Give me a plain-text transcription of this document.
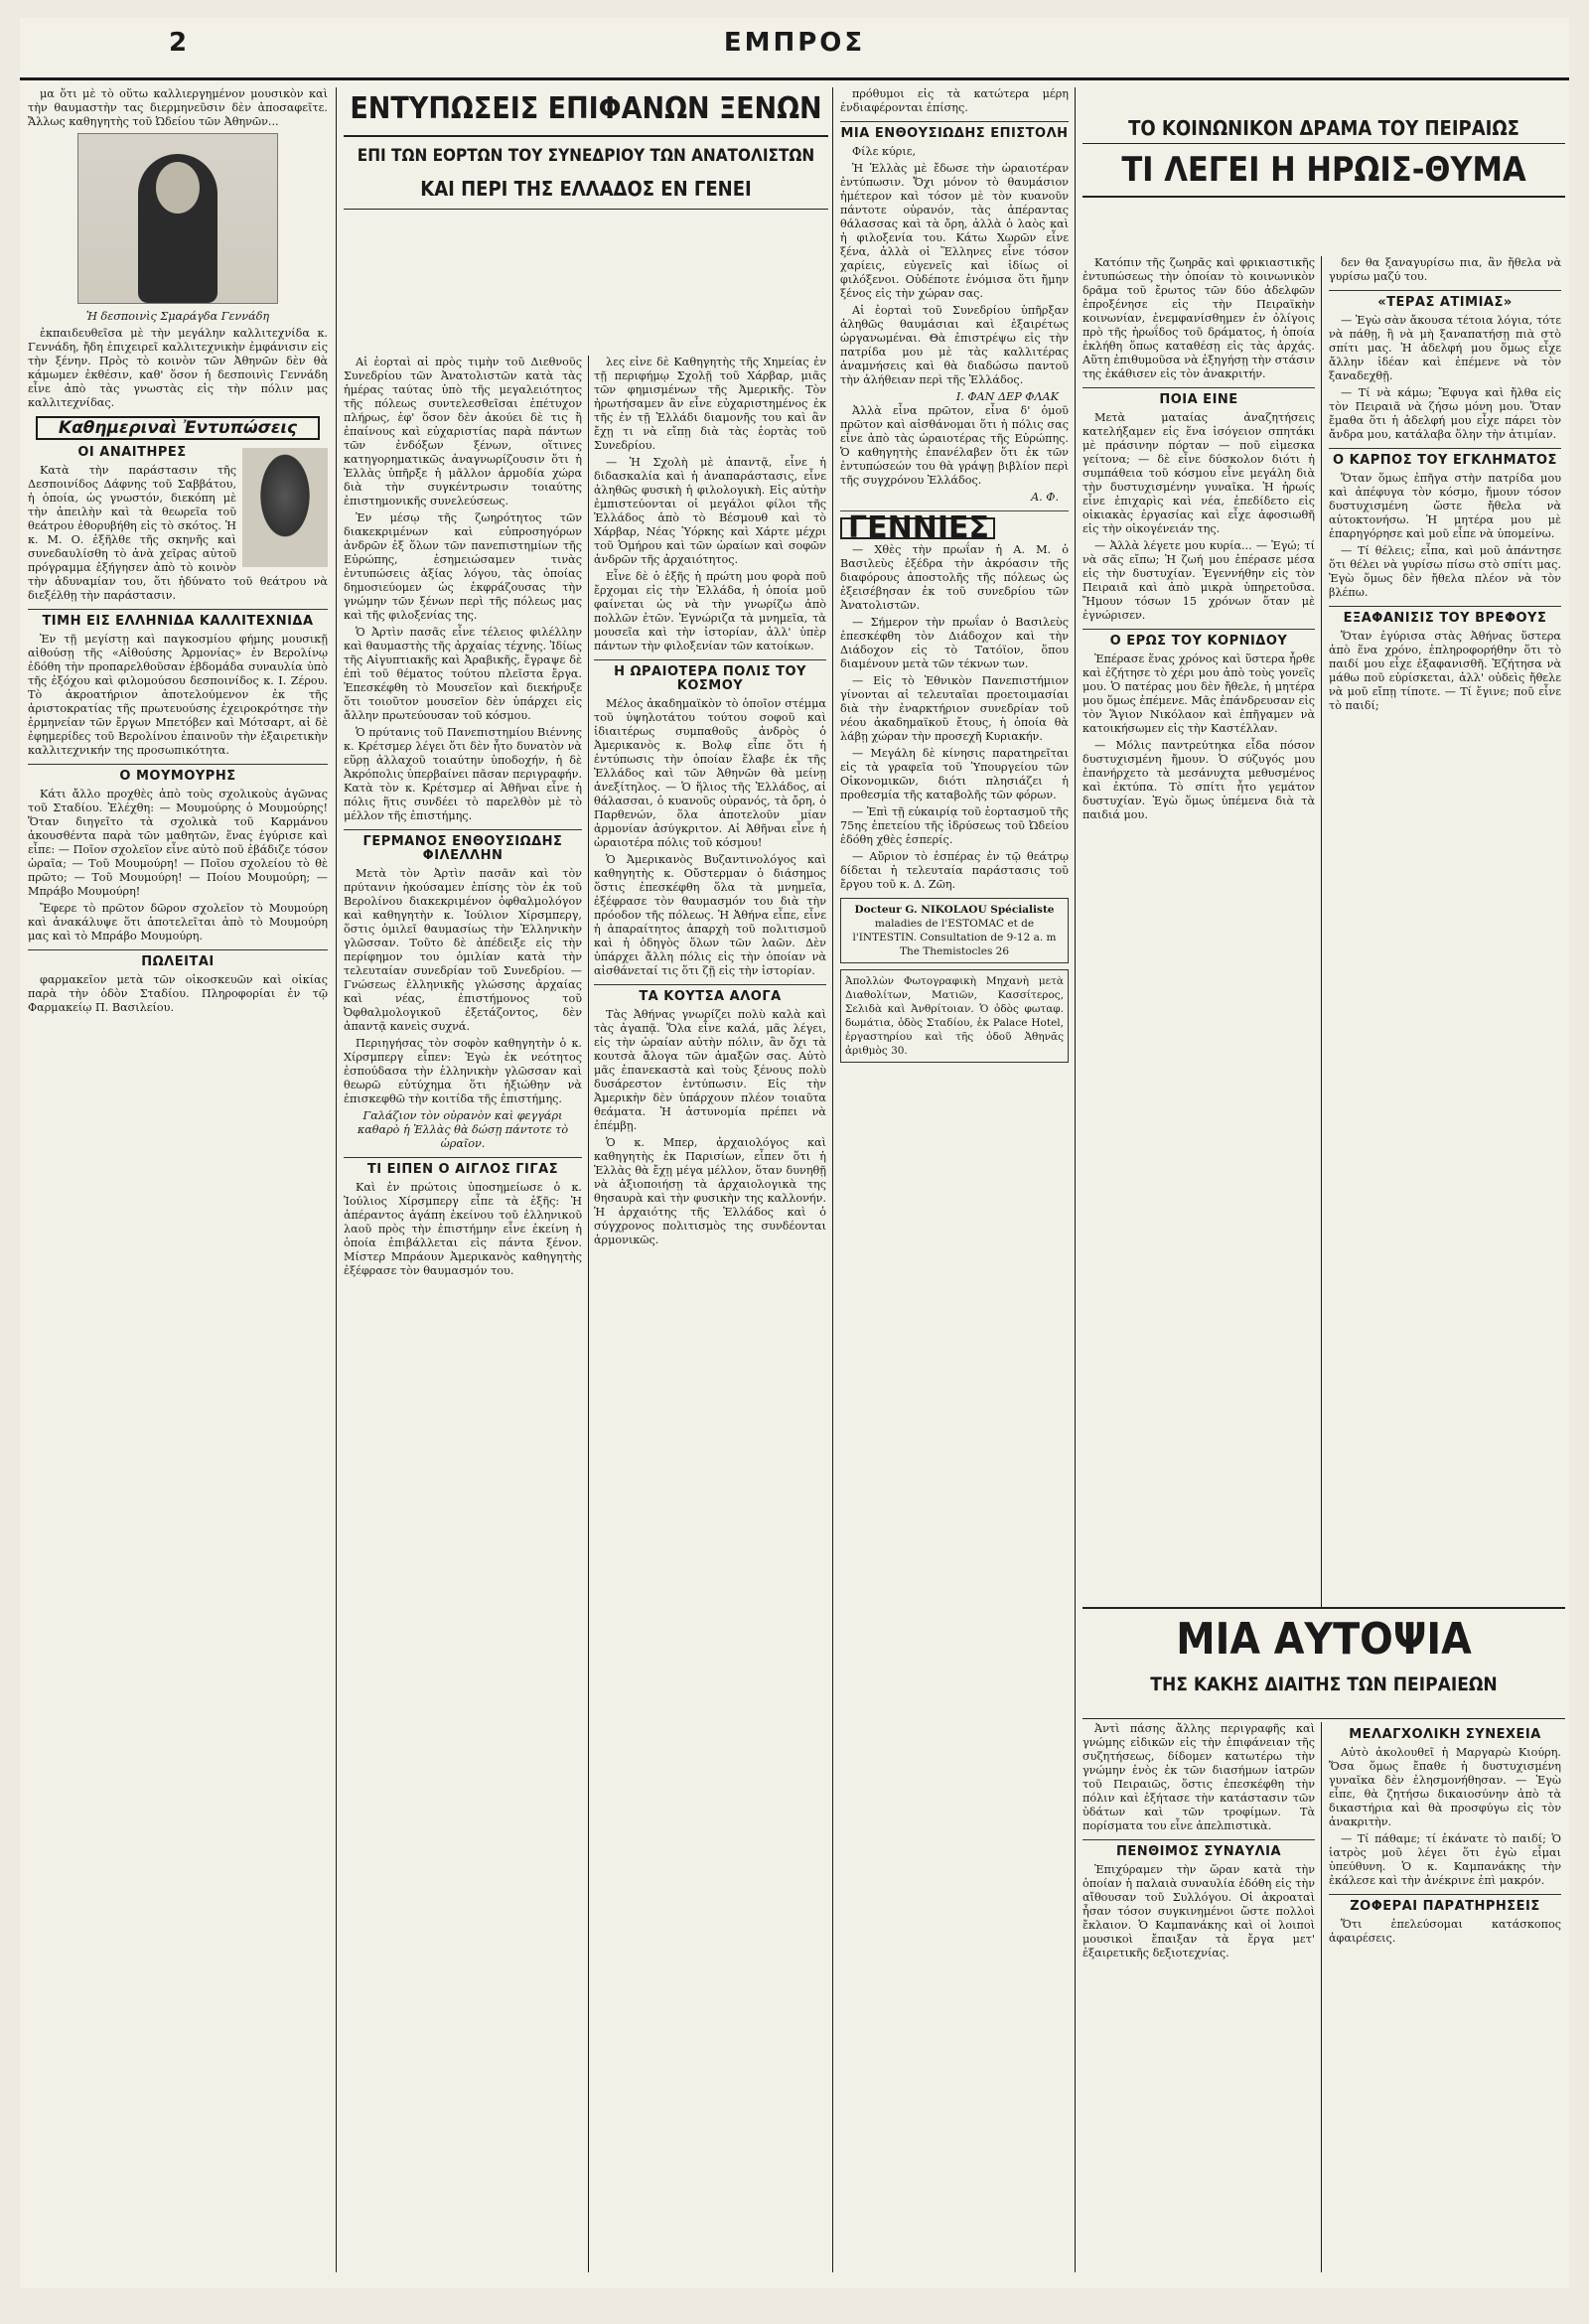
2	ΕΜΠΡΟΣ

μα ὅτι μὲ τὸ οὕτω καλλιεργημένον μουσικὸν καὶ τὴν θαυμαστὴν τας διερμηνεῦσιν δὲν ἀποσαφεῖτε. Ἄλλως καθηγητὴς τοῦ Ὠδείου τῶν Ἀθηνῶν...

Ἡ δεσποινὶς Σμαράγδα Γεννάδη

ἐκπαιδευθεῖσα μὲ τὴν μεγάλην καλλιτεχνίδα κ. Γεννάδη, ἤδη ἐπιχειρεῖ καλλιτεχνικὴν ἐμφάνισιν εἰς τὴν ξένην. Πρὸς τὸ κοινὸν τῶν Ἀθηνῶν δὲν θὰ κάμωμεν ἐκθέσιν, καθ' ὅσον ἡ δεσποινὶς Γεννάδη εἶνε ἀπὸ τὰς γνωστὰς εἰς τὴν πόλιν μας καλλιτεχνίδας.

Καθημεριναὶ Ἐντυπώσεις
ΟΙ ΑΝΑΙΤΗΡΕΣ

Κατὰ τὴν παράστασιν τῆς Δεσποινίδος Δάφνης τοῦ Σαββάτου, ἡ ὁποία, ὡς γνωστόν, διεκόπη μὲ τὴν ἀπειλὴν καὶ τὰ θεωρεῖα τοῦ θεάτρου ἐθορυβήθη εἰς τὸ σκότος. Ἡ κ. Μ. Ο. ἐξῆλθε τῆς σκηνῆς καὶ συνεδαυλίσθη τὸ ἀνὰ χεῖρας αὐτοῦ πρόγραμμα ἐξήγησεν ἀπὸ τὸ κοινὸν τὴν ἀδυναμίαν του, ὅτι ἠδύνατο τοῦ θεάτρου νὰ διεξέλθῃ τὴν παράστασιν.

ΤΙΜΗ ΕΙΣ ΕΛΛΗΝΙΔΑ ΚΑΛΛΙΤΕΧΝΙΔΑ

Ἐν τῇ μεγίστῃ καὶ παγκοσμίου φήμης μουσικῇ αἰθούσῃ τῆς «Αἰθούσης Ἀρμονίας» ἐν Βερολίνῳ ἐδόθη τὴν προπαρελθοῦσαν ἑβδομάδα συναυλία ὑπὸ τῆς ἐξόχου καὶ φιλομούσου δεσποινίδος κ. Ι. Ζέρου. Τὸ ἀκροατήριον ἀποτελούμενον ἐκ τῆς ἀριστοκρατίας τῆς πρωτευούσης ἐχειροκρότησε τὴν ἑρμηνείαν τῶν ἔργων Μπετόβεν καὶ Μότσαρτ, αἱ δὲ ἐφημερίδες τοῦ Βερολίνου ἐπαινοῦν τὴν ἐξαιρετικὴν καλλιτεχνικήν της προσωπικότητα.

Ο ΜΟΥΜΟΥΡΗΣ

Κάτι ἄλλο προχθὲς ἀπὸ τοὺς σχολικοὺς ἀγῶνας τοῦ Σταδίου. Ἐλέχθη: — Μουμούρης ὁ Μουμούρης! Ὅταν διηγεῖτο τὰ σχολικὰ τοῦ Καρμάνου ἀκουσθέντα παρὰ τῶν μαθητῶν, ἕνας ἐγύρισε καὶ εἶπε: — Ποῖον σχολεῖον εἶνε αὐτὸ ποῦ ἐβάδιζε τόσον ὡραῖα; — Τοῦ Μουμούρη! — Ποῖου σχολείου τὸ θὲ πρῶτο; — Τοῦ Μουμούρη! — Ποίου Μουμούρη; — Μπράβο Μουμούρη!

Ἔφερε τὸ πρῶτον δῶρον σχολεῖον τὸ Μουμούρη καὶ ἀνακάλυψε ὅτι ἀποτελεῖται ἀπὸ τὸ Μουμούρη μας καὶ τὸ Μπράβο Μουμούρη.

ΠΩΛΕΙΤΑΙ

φαρμακεῖον μετὰ τῶν οἰκοσκευῶν καὶ οἰκίας παρὰ τὴν ὁδὸν Σταδίου. Πληροφορίαι ἐν τῷ Φαρμακείῳ Π. Βασιλείου.

ΕΝΤΥΠΩΣΕΙΣ ΕΠΙΦΑΝΩΝ ΞΕΝΩΝ
ΕΠΙ ΤΩΝ ΕΟΡΤΩΝ ΤΟΥ ΣΥΝΕΔΡΙΟΥ ΤΩΝ ΑΝΑΤΟΛΙΣΤΩΝ
ΚΑΙ ΠΕΡΙ ΤΗΣ ΕΛΛΑΔΟΣ ΕΝ ΓΕΝΕΙ

Αἱ ἑορταὶ αἱ πρὸς τιμὴν τοῦ Διεθνοῦς Συνεδρίου τῶν Ἀνατολιστῶν κατὰ τὰς ἡμέρας ταύτας ὑπὸ τῆς μεγαλειότητος τῆς πόλεως συντελεσθεῖσαι ἐπέτυχον πλήρως, ἐφ' ὅσον δὲν ἀκούει δὲ τις ἢ ἐπαίνους καὶ εὐχαριστίας παρὰ πάντων τῶν ἐνδόξων ξένων, οἵτινες κατηγορηματικῶς ἀναγνωρίζουσιν ὅτι ἡ Ἑλλὰς ὑπῆρξε ἡ μᾶλλον ἁρμοδία χώρα διὰ τὴν συγκέντρωσιν τοιαύτης ἐπιστημονικῆς συνελεύσεως.

Ἐν μέσῳ τῆς ζωηρότητος τῶν διακεκριμένων καὶ εὐπροσηγόρων ἀνδρῶν ἐξ ὅλων τῶν πανεπιστημίων τῆς Εὐρώπης, ἐσημειώσαμεν τινὰς ἐντυπώσεις ἀξίας λόγου, τὰς ὁποίας δημοσιεύομεν ὡς ἐκφράζουσας τὴν γνώμην τῶν ξένων περὶ τῆς πόλεως μας καὶ τῆς φιλοξενίας της.

Ὁ Ἀρτὶν πασᾶς εἶνε τέλειος φιλέλλην καὶ θαυμαστὴς τῆς ἀρχαίας τέχνης. Ἰδίως τῆς Αἰγυπτιακῆς καὶ Ἀραβικῆς, ἔγραψε δὲ ἐπὶ τοῦ θέματος τούτου πλεῖστα ἔργα. Ἐπεσκέφθη τὸ Μουσεῖον καὶ διεκήρυξε ὅτι τοιοῦτον μουσεῖον δὲν ὑπάρχει εἰς ἄλλην πρωτεύουσαν τοῦ κόσμου.

Ὁ πρύτανις τοῦ Πανεπιστημίου Βιέννης κ. Κρέτσμερ λέγει ὅτι δὲν ἦτο δυνατὸν νὰ εὕρῃ ἀλλαχοῦ τοιαύτην ὑποδοχήν, ἡ δὲ Ἀκρόπολις ὑπερβαίνει πᾶσαν περιγραφήν. Κατὰ τὸν κ. Κρέτσμερ αἱ Ἀθῆναι εἶνε ἡ πόλις ἥτις συνδέει τὸ παρελθὸν μὲ τὸ μέλλον τῆς ἐπιστήμης.

ΓΕΡΜΑΝΟΣ ΕΝΘΟΥΣΙΩΔΗΣ ΦΙΛΕΛΛΗΝ

Μετὰ τὸν Ἀρτὶν πασᾶν καὶ τὸν πρύτανιν ἠκούσαμεν ἐπίσης τὸν ἐκ τοῦ Βερολίνου διακεκριμένον ὀφθαλμολόγον καὶ καθηγητὴν κ. Ἰούλιον Χίρσμπεργ, ὅστις ὁμιλεῖ θαυμασίως τὴν Ἑλληνικὴν γλῶσσαν. Τοῦτο δὲ ἀπέδειξε εἰς τὴν περίφημον του ὁμιλίαν κατὰ τὴν τελευταίαν συνεδρίαν τοῦ Συνεδρίου. — Γνώσεως ἑλληνικῆς γλώσσης ἀρχαίας καὶ νέας, ἐπιστήμονος τοῦ Ὀφθαλμολογικοῦ ἐξετάζοντος, δὲν ἀπαντᾷ κανεὶς συχνά.

Περιηγήσας τὸν σοφὸν καθηγητὴν ὁ κ. Χίρσμπεργ εἶπεν: Ἐγὼ ἐκ νεότητος ἐσπούδασα τὴν ἑλληνικὴν γλῶσσαν καὶ θεωρῶ εὐτύχημα ὅτι ἠξιώθην νὰ ἐπισκεφθῶ τὴν κοιτίδα τῆς ἐπιστήμης.

Γαλάζιον τὸν οὐρανὸν καὶ φεγγάρι καθαρὸ ἡ Ἑλλὰς θὰ δώσῃ πάντοτε τὸ ὡραῖον.

ΤΙ ΕΙΠΕΝ Ο ΑΙΓΛΟΣ ΓΙΓΑΣ

Καὶ ἐν πρώτοις ὑποσημείωσε ὁ κ. Ἰούλιος Χίρσμπεργ εἶπε τὰ ἑξῆς: Ἡ ἀπέραντος ἀγάπη ἐκείνου τοῦ ἑλληνικοῦ λαοῦ πρὸς τὴν ἐπιστήμην εἶνε ἐκείνη ἡ ὁποία ἐπιβάλλεται εἰς πάντα ξένον. Μίστερ Μπράουν Ἀμερικανὸς καθηγητὴς ἐξέφρασε τὸν θαυμασμόν του.

λες εἶνε δὲ Καθηγητὴς τῆς Χημείας ἐν τῇ περιφήμῳ Σχολῇ τοῦ Χάρβαρ, μιᾶς τῶν φημισμένων τῆς Ἀμερικῆς. Τὸν ἠρωτήσαμεν ἂν εἶνε εὐχαριστημένος ἐκ τῆς ἐν τῇ Ἑλλάδι διαμονῆς του καὶ ἂν ἔχῃ τι νὰ εἴπῃ διὰ τὰς ἑορτὰς τοῦ Συνεδρίου.

— Ἡ Σχολὴ μὲ ἀπαντᾷ, εἶνε ἡ διδασκαλία καὶ ἡ ἀναπαράστασις, εἶνε ἀληθῶς φυσικὴ ἡ φιλολογικὴ. Εἰς αὐτὴν ἐμπιστεύονται οἱ μεγάλοι φίλοι τῆς Ἑλλάδος ἀπὸ τὸ Βέσμουθ καὶ τὸ Χάρβαρ, Νέας Ὑόρκης καὶ Χάρτε μέχρι τοῦ Ὁμήρου καὶ τῶν ὡραίων καὶ σοφῶν ἀνδρῶν τῆς ἀρχαιότητος.

Εἶνε δὲ ὁ ἐξῆς ἡ πρώτη μου φορὰ ποῦ ἔρχομαι εἰς τὴν Ἑλλάδα, ἡ ὁποία μοῦ φαίνεται ὡς νὰ τὴν γνωρίζω ἀπὸ πολλῶν ἐτῶν. Ἐγνώριζα τὰ μνημεῖα, τὰ μουσεῖα καὶ τὴν ἱστορίαν, ἀλλ' ὑπὲρ πάντων τὴν φιλοξενίαν τῶν κατοίκων.

Η ΩΡΑΙΟΤΕΡΑ ΠΟΛΙΣ ΤΟΥ ΚΟΣΜΟΥ

Μέλος ἀκαδημαϊκὸν τὸ ὁποῖον στέμμα τοῦ ὑψηλοτάτου τούτου σοφοῦ καὶ ἰδιαιτέρως συμπαθοῦς ἀνδρὸς ὁ Ἀμερικανὸς κ. Βολφ εἶπε ὅτι ἡ ἐντύπωσις τὴν ὁποίαν ἔλαβε ἐκ τῆς Ἑλλάδος καὶ τῶν Ἀθηνῶν θὰ μείνῃ ἀνεξίτηλος. — Ὁ ἥλιος τῆς Ἑλλάδος, αἱ θάλασσαι, ὁ κυανοῦς οὐρανός, τὰ ὄρη, ὁ Παρθενών, ὅλα ἀποτελοῦν μίαν ἁρμονίαν ἀσύγκριτον. Αἱ Ἀθῆναι εἶνε ἡ ὡραιοτέρα πόλις τοῦ κόσμου!

Ὁ Ἀμερικανὸς Βυζαντινολόγος καὶ καθηγητὴς κ. Οὔστερμαν ὁ διάσημος ὅστις ἐπεσκέφθη ὅλα τὰ μνημεῖα, ἐξέφρασε τὸν θαυμασμόν του διὰ τὴν πρόοδον τῆς πόλεως. Ἡ Ἀθήνα εἶπε, εἶνε ἡ ἀπαραίτητος ἀπαρχὴ τοῦ πολιτισμοῦ καὶ ἡ ὁδηγὸς ὅλων τῶν λαῶν. Δὲν ὑπάρχει ἄλλη πόλις εἰς τὴν ὁποίαν νὰ αἰσθάνεταί τις ὅτι ζῇ εἰς τὴν ἱστορίαν.

ΤΑ ΚΟΥΤΣΑ ΑΛΟΓΑ

Τὰς Ἀθήνας γνωρίζει πολὺ καλὰ καὶ τὰς ἀγαπᾷ. Ὅλα εἶνε καλά, μᾶς λέγει, εἰς τὴν ὡραίαν αὐτὴν πόλιν, ἂν ὄχι τὰ κουτσὰ ἄλογα τῶν ἁμαξῶν σας. Αὐτὸ μᾶς ἐπανεκαστὰ καὶ τοὺς ξένους πολὺ δυσάρεστον ἐντύπωσιν. Εἰς τὴν Ἀμερικὴν δὲν ὑπάρχουν πλέον τοιαῦτα θεάματα. Ἡ ἀστυνομία πρέπει νὰ ἐπέμβῃ.

Ὁ κ. Μπερ, ἀρχαιολόγος καὶ καθηγητὴς ἐκ Παρισίων, εἶπεν ὅτι ἡ Ἑλλὰς θὰ ἔχῃ μέγα μέλλον, ὅταν δυνηθῇ νὰ ἀξιοποιήσῃ τὰ ἀρχαιολογικὰ της θησαυρὰ καὶ τὴν φυσικὴν της καλλονήν. Ἡ ἀρχαιότης τῆς Ἑλλάδος καὶ ὁ σύγχρονος πολιτισμὸς της συνδέονται ἀρμονικῶς.

πρόθυμοι εἰς τὰ κατώτερα μέρη ἐνδιαφέρονται ἐπίσης.

ΜΙΑ ΕΝΘΟΥΣΙΩΔΗΣ ΕΠΙΣΤΟΛΗ

Φίλε κύριε,

Ἡ Ἑλλὰς μὲ ἔδωσε τὴν ὡραιοτέραν ἐντύπωσιν. Ὄχι μόνον τὸ θαυμάσιον ἡμέτερον καὶ τόσον μὲ τὸν κυανοῦν πάντοτε οὐρανόν, τὰς ἀπέραντας θάλασσας καὶ τὰ ὄρη, ἀλλὰ ὁ λαὸς καὶ ἡ φιλοξενία του. Κάτω Χωρῶν εἶνε ξένα, ἀλλὰ οἱ Ἕλληνες εἶνε τόσον χαρίεις, εὐγενεῖς καὶ ἰδίως οἱ φιλόξενοι. Οὐδέποτε ἐνόμισα ὅτι ἤμην ξένος εἰς τὴν χώραν σας.

Αἱ ἑορταὶ τοῦ Συνεδρίου ὑπῆρξαν ἀληθῶς θαυμάσιαι καὶ ἐξαιρέτως ὠργανωμέναι. Θὰ ἐπιστρέψω εἰς τὴν πατρίδα μου μὲ τὰς καλλιτέρας ἀναμνήσεις καὶ θὰ διαδώσω παντοῦ τὴν ἀλήθειαν περὶ τῆς Ἑλλάδος.

Ι. ΦΑΝ ΔΕΡ ΦΛΑΚ

Ἀλλὰ εἶνα πρῶτον, εἶνα δ' ὁμοῦ πρῶτον καὶ αἰσθάνομαι ὅτι ἡ πόλις σας εἶνε ἀπὸ τὰς ὡραιοτέρας τῆς Εὐρώπης. Ὁ καθηγητὴς ἐπανέλαβεν ὅτι ἐκ τῶν ἐντυπώσεών του θὰ γράψῃ βιβλίον περὶ τῆς συγχρόνου Ἑλλάδος.

Α. Φ.
ΓΕΝΝΙΕΣ

— Χθὲς τὴν πρωΐαν ἡ Α. Μ. ὁ Βασιλεὺς ἐξέδρα τὴν ἀκρόασιν τῆς διαφόρους ἀποστολῆς τῆς πόλεως ὡς ἐξεισέβησαν ἐκ τοῦ συνεδρίου τῶν Ἀνατολιστῶν.

— Σήμερον τὴν πρωΐαν ὁ Βασιλεὺς ἐπεσκέφθη τὸν Διάδοχον καὶ τὴν Διάδοχον εἰς τὸ Τατόϊον, ὅπου διαμένουν μετὰ τῶν τέκνων των.

— Εἰς τὸ Ἐθνικὸν Πανεπιστήμιον γίνονται αἱ τελευταῖαι προετοιμασίαι διὰ τὴν ἐναρκτήριον συνεδρίαν τοῦ νέου ἀκαδημαϊκοῦ ἔτους, ἡ ὁποία θὰ λάβῃ χώραν τὴν προσεχῆ Κυριακήν.

— Μεγάλη δὲ κίνησις παρατηρεῖται εἰς τὰ γραφεῖα τοῦ Ὑπουργείου τῶν Οἰκονομικῶν, διότι πλησιάζει ἡ προθεσμία τῆς καταβολῆς τῶν φόρων.

— Ἐπὶ τῇ εὐκαιρίᾳ τοῦ ἑορτασμοῦ τῆς 75ης ἐπετείου τῆς ἱδρύσεως τοῦ Ὠδείου ἐδόθη χθὲς ἐσπερίς.

— Αὔριον τὸ ἑσπέρας ἐν τῷ θεάτρῳ δίδεται ἡ τελευταία παράστασις τοῦ ἔργου τοῦ κ. Δ. Ζῶη.

Docteur G. NIKOLAOU Spécialiste
maladies de l'ESTOMAC et de l'INTESTIN. Consultation de 9-12 a. m The Themistocles 26
Ἀπολλὼν Φωτογραφικὴ Μηχανὴ μετὰ Διαθολίτων, Ματιῶν, Κασσίτερος, Σελιδὰ καὶ Ἀνθρίτοιαν. Ὁ ὁδὸς φωταφ. δωμάτια, ὁδὸς Σταδίου, ἐκ Palace Hotel, ἐργαστηρίου καὶ τῆς ὁδοῦ Ἀθηνᾶς ἀριθμὸς 30.
ΤΟ ΚΟΙΝΩΝΙΚΟΝ ΔΡΑΜΑ ΤΟΥ ΠΕΙΡΑΙΩΣ
ΤΙ ΛΕΓΕΙ Η ΗΡΩΙΣ-ΘΥΜΑ

Κατόπιν τῆς ζωηρᾶς καὶ φρικιαστικῆς ἐντυπώσεως τὴν ὁποίαν τὸ κοινωνικὸν δρᾶμα τοῦ ἔρωτος τῶν δύο ἀδελφῶν ἐπροξένησε εἰς τὴν Πειραϊκὴν κοινωνίαν, ἐνεμφανίσθημεν ἐν ὀλίγοις πρὸ τῆς ἡρωΐδος τοῦ δράματος, ἡ ὁποία ἐκλήθη ὅπως καταθέσῃ εἰς τὰς ἀρχάς. Αὕτη ἐπιθυμοῦσα νὰ ἐξηγήσῃ τὴν στάσιν της ἐκάθισεν εἰς τὸν ἀνακριτήν.

ΠΟΙΑ ΕΙΝΕ

Μετὰ ματαίας ἀναζητήσεις κατελήξαμεν εἰς ἕνα ἰσόγειον σπητάκι μὲ πράσινην πόρταν — ποῦ εἰμεσκα γείτονα; — δὲ εἶνε δύσκολον διότι ἡ συμπάθεια τοῦ κόσμου εἶνε μεγάλη διὰ τὴν δυστυχισμένην γυναῖκα. Ἡ ἡρωίς εἶνε ἐπιχαρὶς καὶ νέα, ἐπεδίδετο εἰς οἰκιακὰς ἐργασίας καὶ εἶχε ἀφοσιωθῆ εἰς τὴν οἰκογένειάν της.

— Ἀλλὰ λέγετε μου κυρία... — Ἐγώ; τί νὰ σᾶς εἴπω; Ἡ ζωή μου ἐπέρασε μέσα εἰς τὴν δυστυχίαν. Ἐγεννήθην εἰς τὸν Πειραιᾶ καὶ ἀπὸ μικρὰ ὑπηρετοῦσα. Ἤμουν τόσων 15 χρόνων ὅταν μὲ ἐγνώρισεν.

Ο ΕΡΩΣ ΤΟΥ ΚΟΡΝΙΔΟΥ

Ἐπέρασε ἕνας χρόνος καὶ ὕστερα ἦρθε καὶ ἐζήτησε τὸ χέρι μου ἀπὸ τοὺς γονεῖς μου. Ὁ πατέρας μου δὲν ἤθελε, ἡ μητέρα μου ὅμως ἐπέμενε. Μᾶς ἐπάνδρευσαν εἰς τὸν Ἅγιον Νικόλαον καὶ ἐπῆγαμεν νὰ κατοικήσωμεν εἰς τὴν Καστέλλαν.

— Μόλις παντρεύτηκα εἶδα πόσον δυστυχισμένη ἤμουν. Ὁ σύζυγός μου ἐπανήρχετο τὰ μεσάνυχτα μεθυσμένος καὶ ἐκτύπα. Τὸ σπίτι ἦτο γεμάτον δυστυχίαν. Ἐγὼ ὅμως ὑπέμενα διὰ τὰ παιδιά μου.

ΜΙΑ ΑΥΤΟΨΙΑ
ΤΗΣ ΚΑΚΗΣ ΔΙΑΙΤΗΣ ΤΩΝ ΠΕΙΡΑΙΕΩΝ

Ἀντὶ πάσης ἄλλης περιγραφῆς καὶ γνώμης εἰδικῶν εἰς τὴν ἐπιφάνειαν τῆς συζητήσεως, δίδομεν κατωτέρω τὴν γνώμην ἑνὸς ἐκ τῶν διασήμων ἰατρῶν τοῦ Πειραιῶς, ὅστις ἐπεσκέφθη τὴν πόλιν καὶ ἐξήτασε τὴν κατάστασιν τῶν ὑδάτων καὶ τῶν τροφίμων. Τὰ πορίσματα του εἶνε ἀπελπιστικὰ.

ΠΕΝΘΙΜΟΣ ΣΥΝΑΥΛΙΑ

Ἐπιχύραμεν τὴν ὥραν κατὰ τὴν ὁποίαν ἡ παλαιὰ συναυλία ἐδόθη εἰς τὴν αἴθουσαν τοῦ Συλλόγου. Οἱ ἀκροαταὶ ἦσαν τόσον συγκινημένοι ὥστε πολλοὶ ἔκλαιον. Ὁ Καμπανάκης καὶ οἱ λοιποὶ μουσικοὶ ἔπαιξαν τὰ ἔργα μετ' ἐξαιρετικῆς δεξιοτεχνίας.

δεν θα ξαναγυρίσω πια, ἂν ἤθελα νὰ γυρίσω μαζύ του.

«ΤΕΡΑΣ ΑΤΙΜΙΑΣ»

— Ἐγὼ σὰν ἄκουσα τέτοια λόγια, τότε νὰ πάθῃ, ἢ νὰ μὴ ξαναπατήσῃ πιὰ στὸ σπίτι μας. Ἡ ἀδελφή μου ὅμως εἶχε ἄλλην ἰδέαν καὶ ἐπέμενε νὰ τὸν ξαναδεχθῇ.

— Τί νὰ κάμω; Ἔφυγα καὶ ἤλθα εἰς τὸν Πειραιᾶ νὰ ζήσω μόνη μου. Ὅταν ἔμαθα ὅτι ἡ ἀδελφή μου εἶχε πάρει τὸν ἄνδρα μου, κατάλαβα ὅλην τὴν ἀτιμίαν.

Ο ΚΑΡΠΟΣ ΤΟΥ ΕΓΚΛΗΜΑΤΟΣ

Ὅταν ὅμως ἐπῆγα στὴν πατρίδα μου καὶ ἀπέφυγα τὸν κόσμο, ἤμουν τόσον δυστυχισμένη ὥστε ἤθελα νὰ αὐτοκτονήσω. Ἡ μητέρα μου μὲ ἐπαρηγόρησε καὶ μοῦ εἶπε νὰ ὑπομείνω.

— Τί θέλεις; εἶπα, καὶ μοῦ ἀπάντησε ὅτι θέλει νὰ γυρίσω πίσω στὸ σπίτι μας. Ἐγὼ ὅμως δὲν ἤθελα πλέον νὰ τὸν βλέπω.

ΕΞΑΦΑΝΙΣΙΣ ΤΟΥ ΒΡΕΦΟΥΣ

Ὅταν ἐγύρισα στὰς Ἀθήνας ὕστερα ἀπὸ ἕνα χρόνο, ἐπληροφορήθην ὅτι τὸ παιδί μου εἶχε ἐξαφανισθῆ. Ἐζήτησα νὰ μάθω ποῦ εὑρίσκεται, ἀλλ' οὐδεὶς ἤθελε νὰ μοῦ εἴπῃ τίποτε. — Τί ἔγινε; ποῦ εἶνε τὸ παιδί;

ΜΕΛΑΓΧΟΛΙΚΗ ΣΥΝΕΧΕΙΑ

Αὐτὸ ἀκολουθεῖ ἡ Μαργαρὼ Κιούρη. Ὅσα ὅμως ἔπαθε ἡ δυστυχισμένη γυναῖκα δὲν ἐλησμονήθησαν. — Ἐγὼ εἶπε, θὰ ζητήσω δικαιοσύνην ἀπὸ τὰ δικαστήρια καὶ θὰ προσφύγω εἰς τὸν ἀνακριτὴν.

— Τί πάθαμε; τί ἐκάνατε τὸ παιδί; Ὁ ἰατρὸς μοῦ λέγει ὅτι ἐγὼ εἶμαι ὑπεύθυνη. Ὁ κ. Καμπανάκης τὴν ἐκάλεσε καὶ τὴν ἀνέκρινε ἐπὶ μακρόν.

ΖΟΦΕΡΑΙ ΠΑΡΑΤΗΡΗΣΕΙΣ

Ὅτι ἐπελεύσομαι κατάσκοπος ἀφαιρέσεις.
